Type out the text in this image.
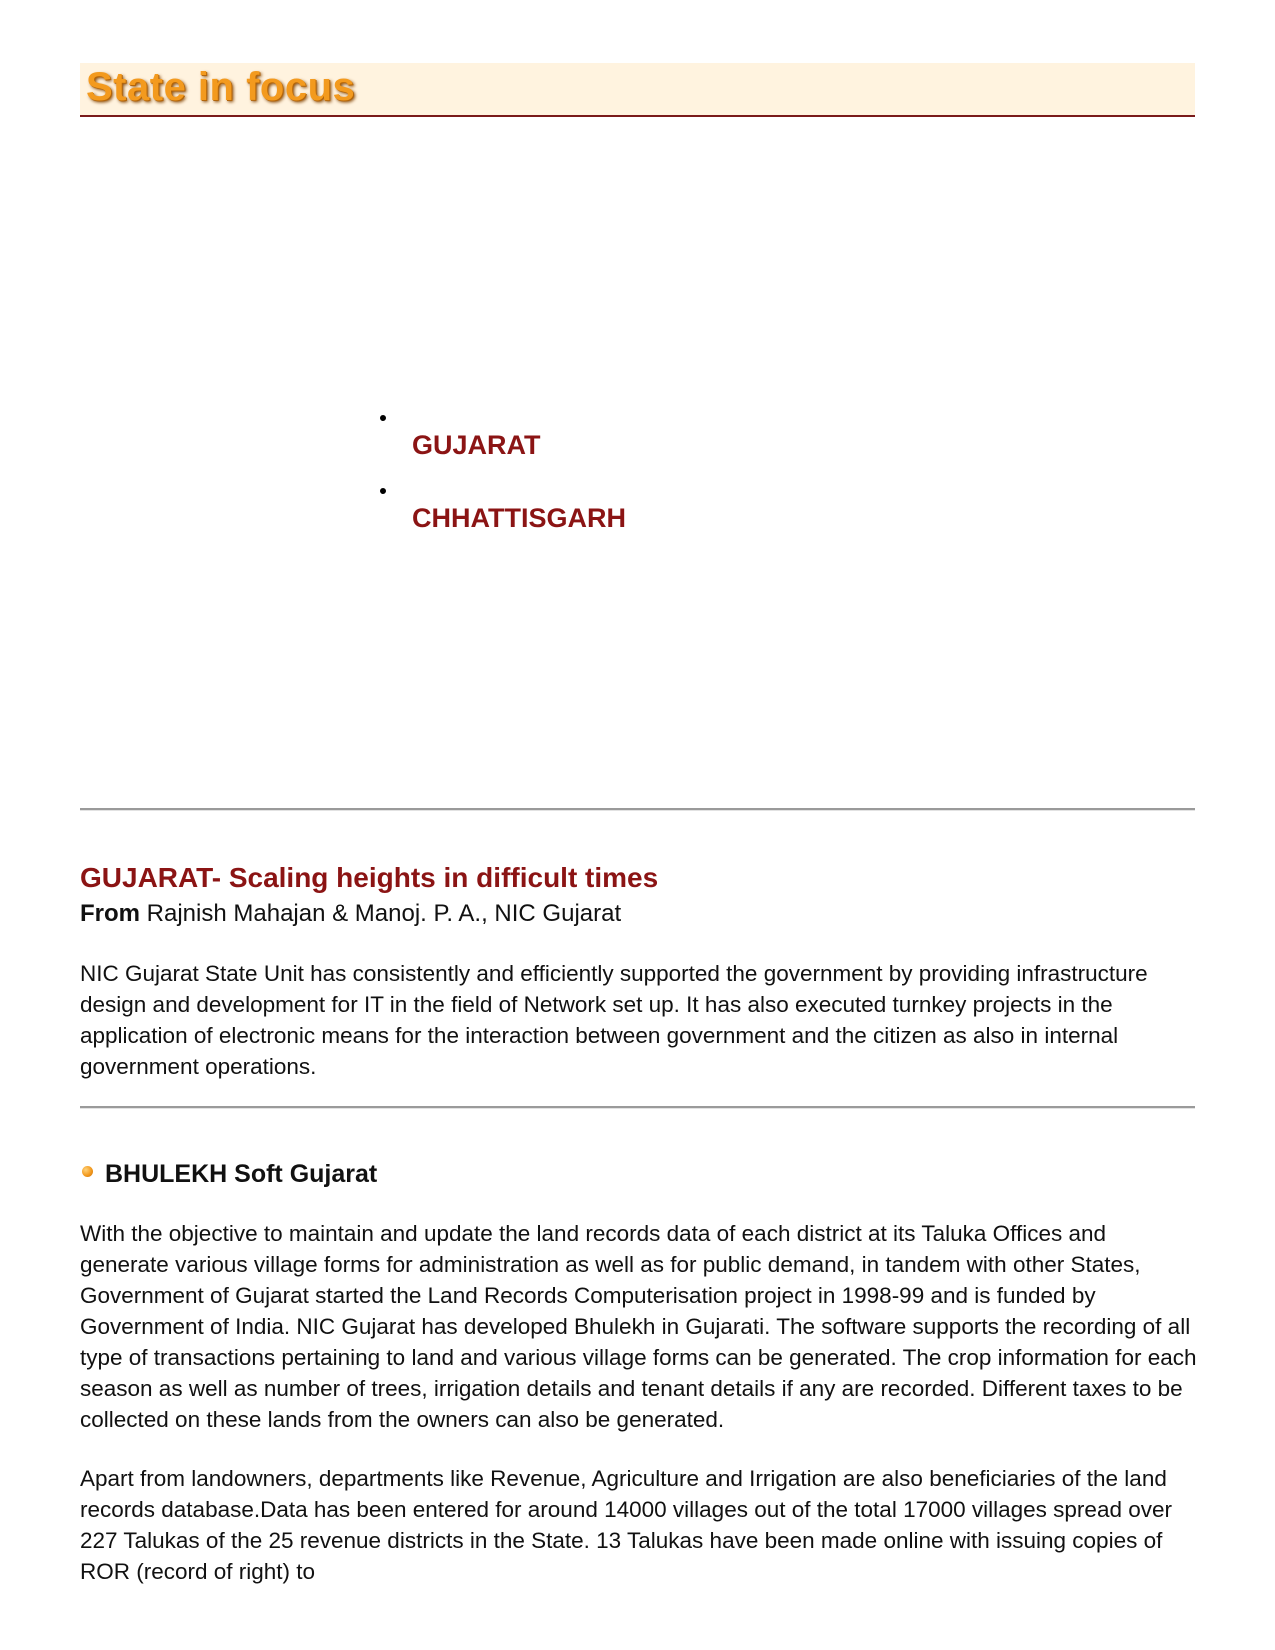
State in focus
GUJARAT
CHHATTISGARH
GUJARAT- Scaling heights in difficult times
From Rajnish Mahajan & Manoj. P. A., NIC Gujarat

NIC Gujarat State Unit has consistently and efficiently supported the government by providing infrastructure design and development for IT in the field of Network set up. It has also executed turnkey projects in the application of electronic means for the interaction between government and the citizen as also in internal government operations.

BHULEKH Soft Gujarat

With the objective to maintain and update the land records data of each district at its Taluka Offices and generate various village forms for administration as well as for public demand, in tandem with other States, Government of Gujarat started the Land Records Computerisation project in 1998-99 and is funded by Government of India. NIC Gujarat has developed Bhulekh in Gujarati. The software supports the recording of all type of transactions pertaining to land and various village forms can be generated. The crop information for each season as well as number of trees, irrigation details and tenant details if any are recorded. Different taxes to be collected on these lands from the owners can also be generated.

Apart from landowners, departments like Revenue, Agriculture and Irrigation are also beneficiaries of the land records database.Data has been entered for around 14000 villages out of the total 17000 villages spread over 227 Talukas of the 25 revenue districts in the State. 13 Talukas have been made online with issuing copies of ROR (record of right) to
